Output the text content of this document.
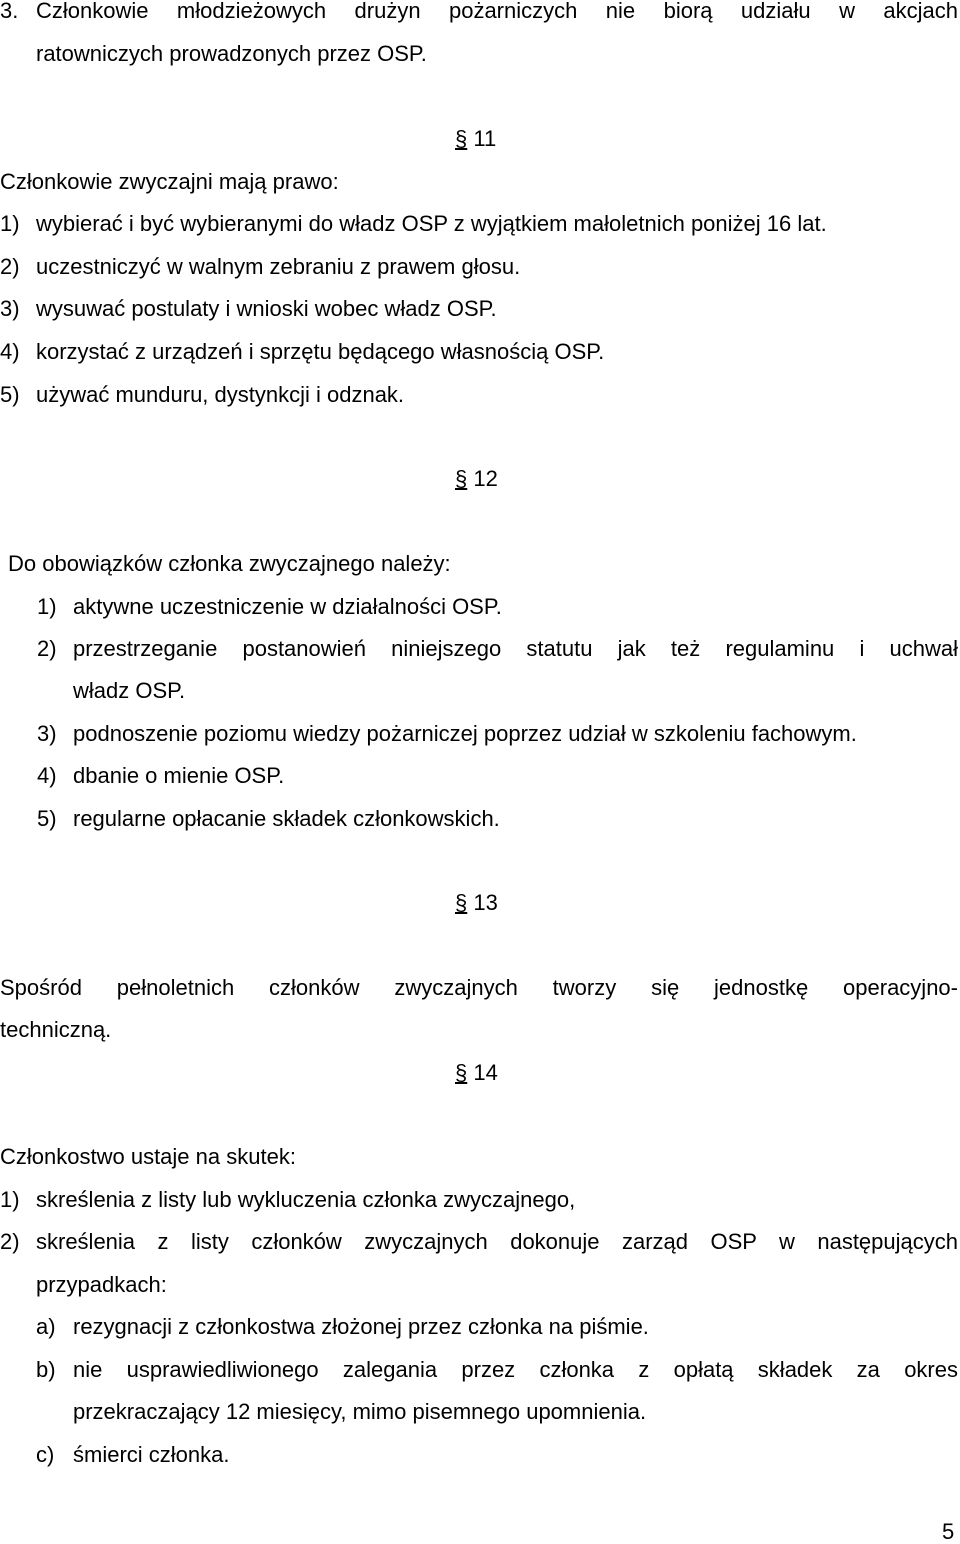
3. Członkowie młodzieżowych drużyn pożarniczych nie biorą udziału w akcjach
ratowniczych prowadzonych przez OSP.
§ 11
Członkowie zwyczajni mają prawo:
1) wybierać i być wybieranymi do władz OSP z wyjątkiem małoletnich poniżej 16 lat.
2) uczestniczyć w walnym zebraniu z prawem głosu.
3) wysuwać postulaty i wnioski wobec władz OSP.
4) korzystać z urządzeń i sprzętu będącego własnością OSP.
5) używać munduru, dystynkcji i odznak.
§ 12
Do obowiązków członka zwyczajnego należy:
1) aktywne uczestniczenie w działalności OSP.
2) przestrzeganie postanowień niniejszego statutu jak też regulaminu i uchwał
władz OSP.
3) podnoszenie poziomu wiedzy pożarniczej poprzez udział w szkoleniu fachowym.
4) dbanie o mienie OSP.
5) regularne opłacanie składek członkowskich.
§ 13
Spośród pełnoletnich członków zwyczajnych tworzy się jednostkę operacyjno-
techniczną.
§ 14
Członkostwo ustaje na skutek:
1) skreślenia z listy lub wykluczenia członka zwyczajnego,
2) skreślenia z listy członków zwyczajnych dokonuje zarząd OSP w następujących
przypadkach:
a) rezygnacji z członkostwa złożonej przez członka na piśmie.
b) nie usprawiedliwionego zalegania przez członka z opłatą składek za okres
przekraczający 12 miesięcy, mimo pisemnego upomnienia.
c) śmierci członka.
5
